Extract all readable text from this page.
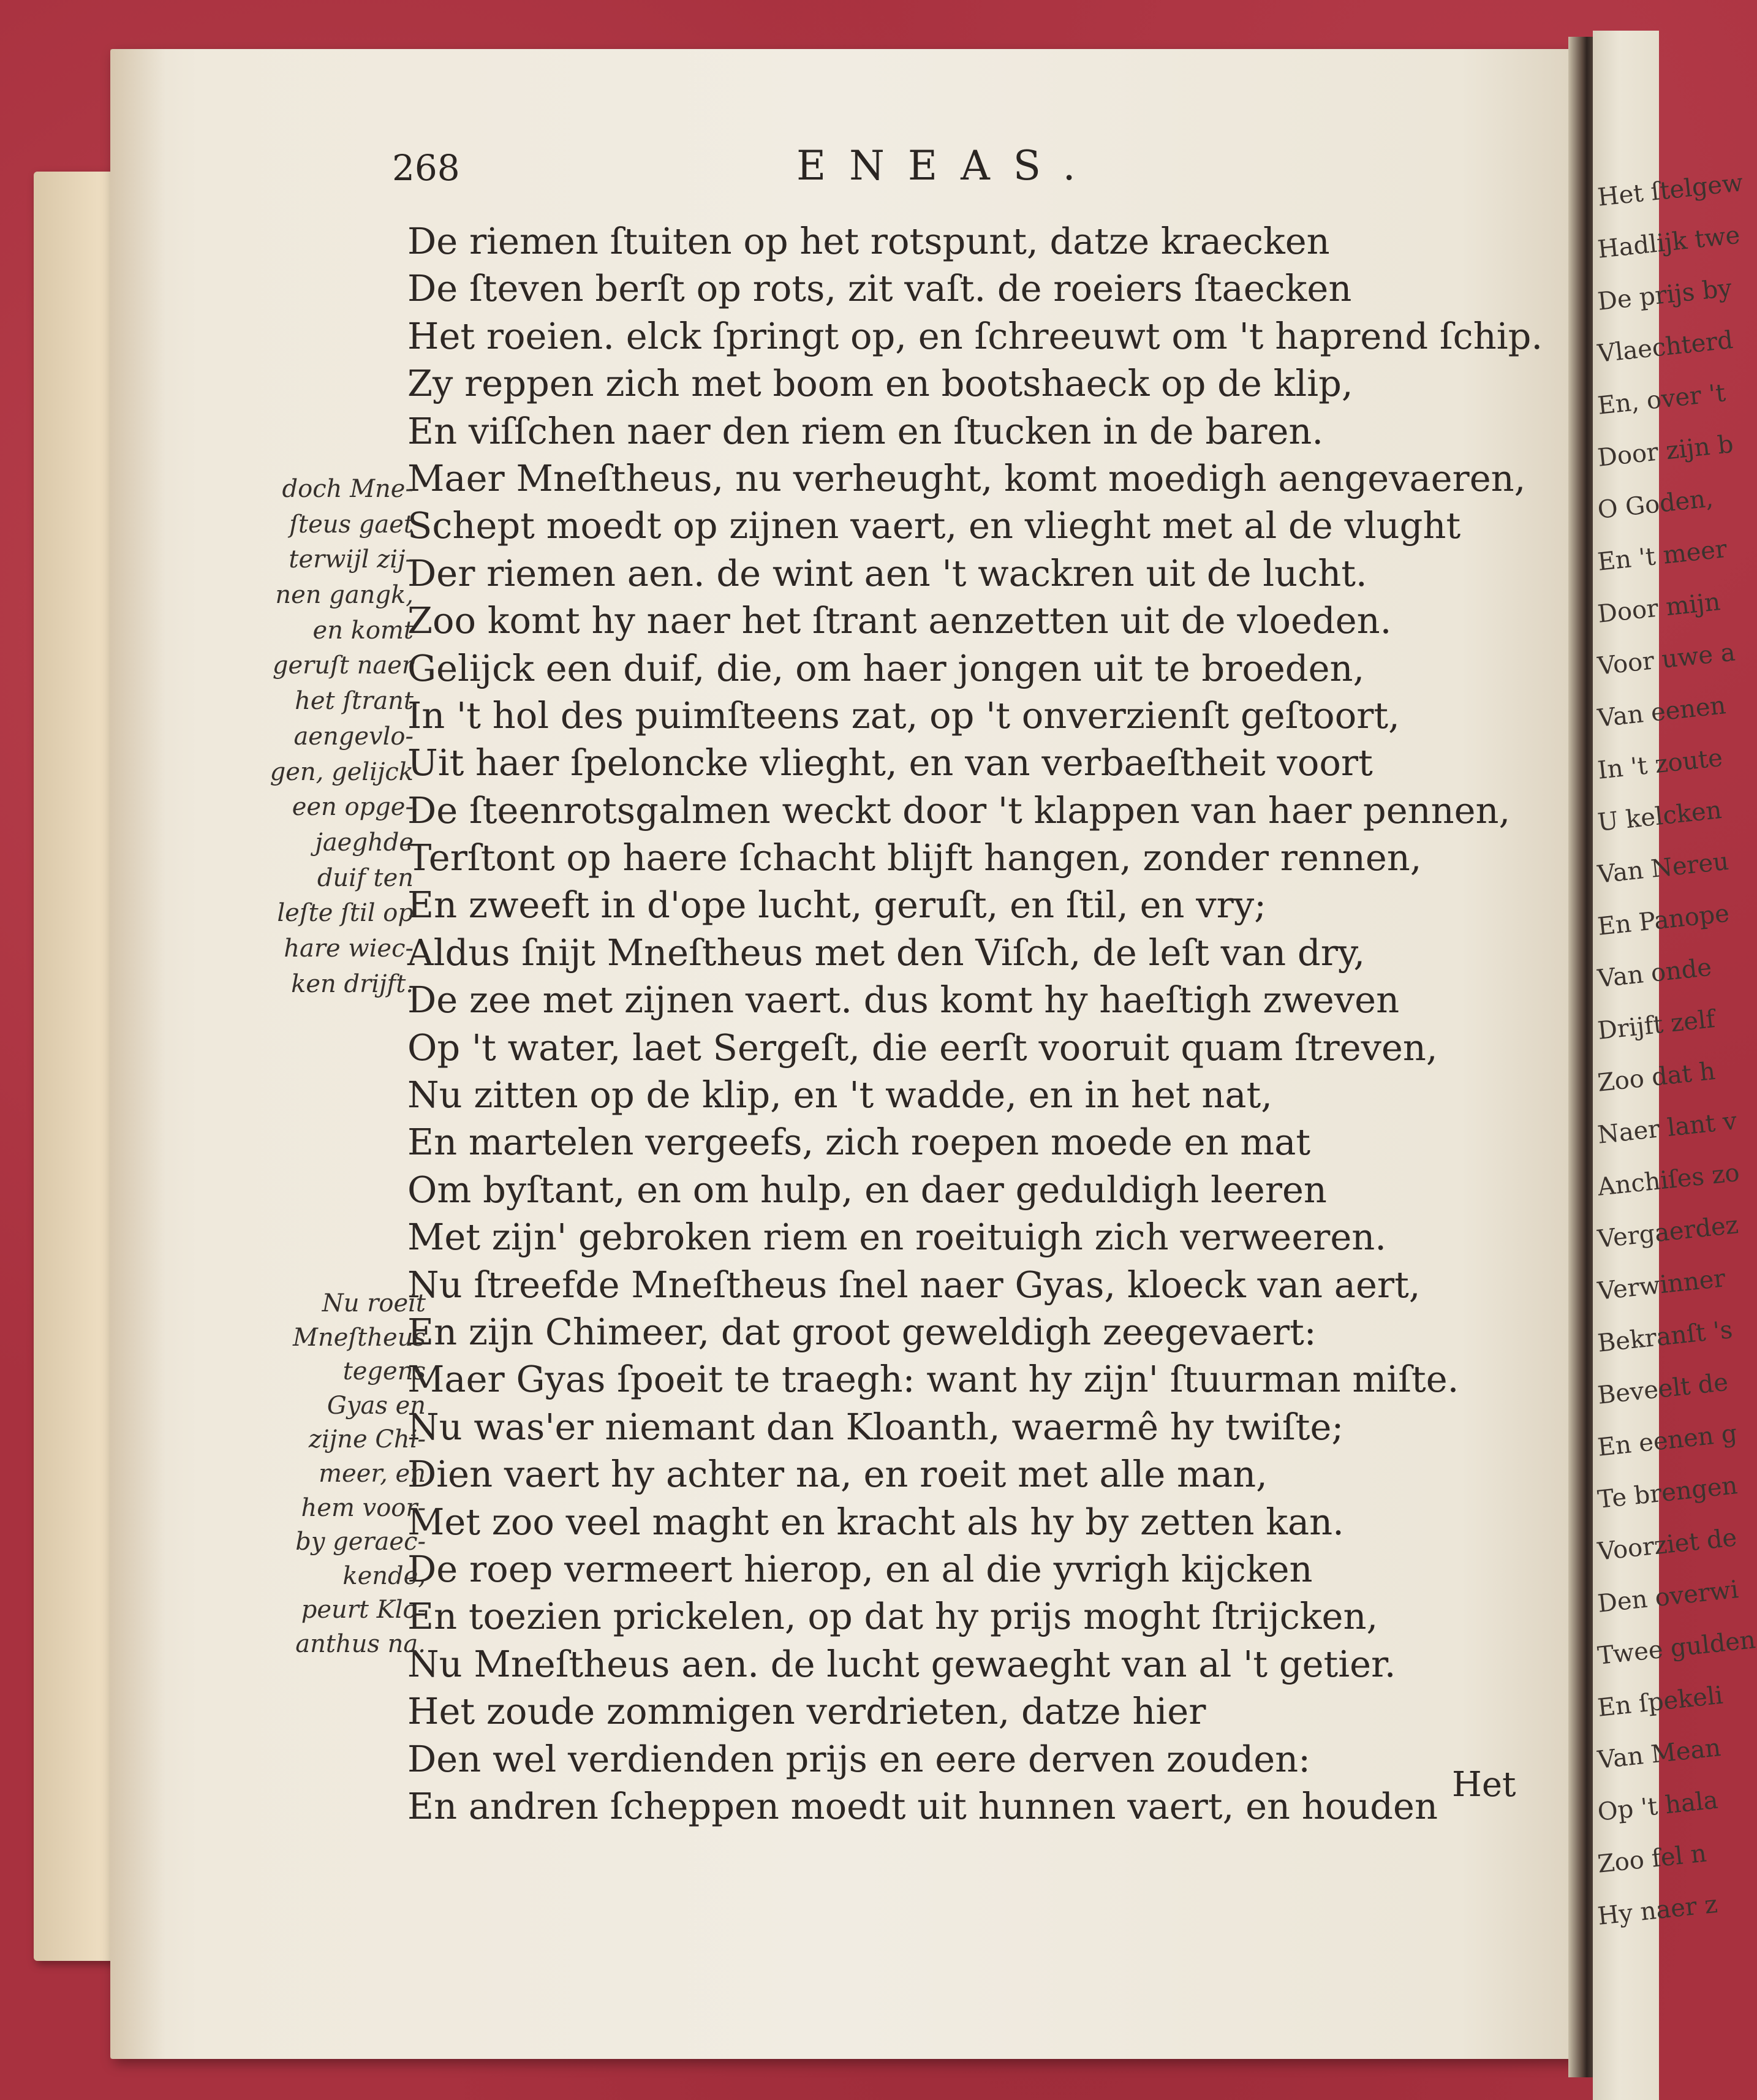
Het ſtelgew
Hadlijk twe
De prijs by
Vlaechterd
En, over 't
Door zijn b
O Goden,
En 't meer
Door mijn
Voor uwe a
Van eenen
In 't zoute
U kelcken
Van Nereu
En Panope
Van onde
Drijft zelf
Zoo dat h
Naer lant v
Anchiſes zo
Vergaerdez
Verwinner
Bekranſt 's
Beveelt de
En eenen g
Te brengen
Voorziet de
Den overwi
Twee gulden
En ſpekeli
Van Mean
Op 't hala
Zoo fel n
Hy naer z
268	ENEAS.
De riemen ſtuiten op het rotspunt, datze kraecken
De ſteven berſt op rots, zit vaſt. de roeiers ſtaecken
Het roeien. elck ſpringt op, en ſchreeuwt om 't haprend ſchip.
Zy reppen zich met boom en bootshaeck op de klip,
En viſſchen naer den riem en ſtucken in de baren.
Maer Mneſtheus, nu verheught, komt moedigh aengevaeren,
Schept moedt op zijnen vaert, en vlieght met al de vlught
Der riemen aen. de wint aen 't wackren uit de lucht.
Zoo komt hy naer het ſtrant aenzetten uit de vloeden.
Gelijck een duif, die, om haer jongen uit te broeden,
In 't hol des puimſteens zat, op 't onverzienſt geſtoort,
Uit haer ſpeloncke vlieght, en van verbaeſtheit voort
De ſteenrotsgalmen weckt door 't klappen van haer pennen,
Terſtont op haere ſchacht blijft hangen, zonder rennen,
En zweeft in d'ope lucht, geruſt, en ſtil, en vry;
Aldus ſnijt Mneſtheus met den Viſch, de leſt van dry,
De zee met zijnen vaert. dus komt hy haeſtigh zweven
Op 't water, laet Sergeſt, die eerſt vooruit quam ſtreven,
Nu zitten op de klip, en 't wadde, en in het nat,
En martelen vergeefs, zich roepen moede en mat
Om byſtant, en om hulp, en daer geduldigh leeren
Met zijn' gebroken riem en roeituigh zich verweeren.
Nu ſtreefde Mneſtheus ſnel naer Gyas, kloeck van aert,
En zijn Chimeer, dat groot geweldigh zeegevaert:
Maer Gyas ſpoeit te traegh: want hy zijn' ſtuurman miſte.
Nu was'er niemant dan Kloanth, waermê hy twiſte;
Dien vaert hy achter na, en roeit met alle man,
Met zoo veel maght en kracht als hy by zetten kan.
De roep vermeert hierop, en al die yvrigh kijcken
En toezien prickelen, op dat hy prijs moght ſtrijcken,
Nu Mneſtheus aen. de lucht gewaeght van al 't getier.
Het zoude zommigen verdrieten, datze hier
Den wel verdienden prijs en eere derven zouden:
En andren ſcheppen moedt uit hunnen vaert, en houden
doch Mne-
ſteus gaet
terwijl zij-
nen gangk,
en komt
geruſt naer
het ſtrant
aengevlo-
gen, gelijck
een opge-
jaeghde
duif ten
leſte ſtil op
hare wiec-
ken drijft.
Nu roeit
Mneſtheus
tegens
Gyas en
zijne Chi-
meer, en
hem voor-
by geraec-
kende,
peurt Klo-
anthus na.
Het
